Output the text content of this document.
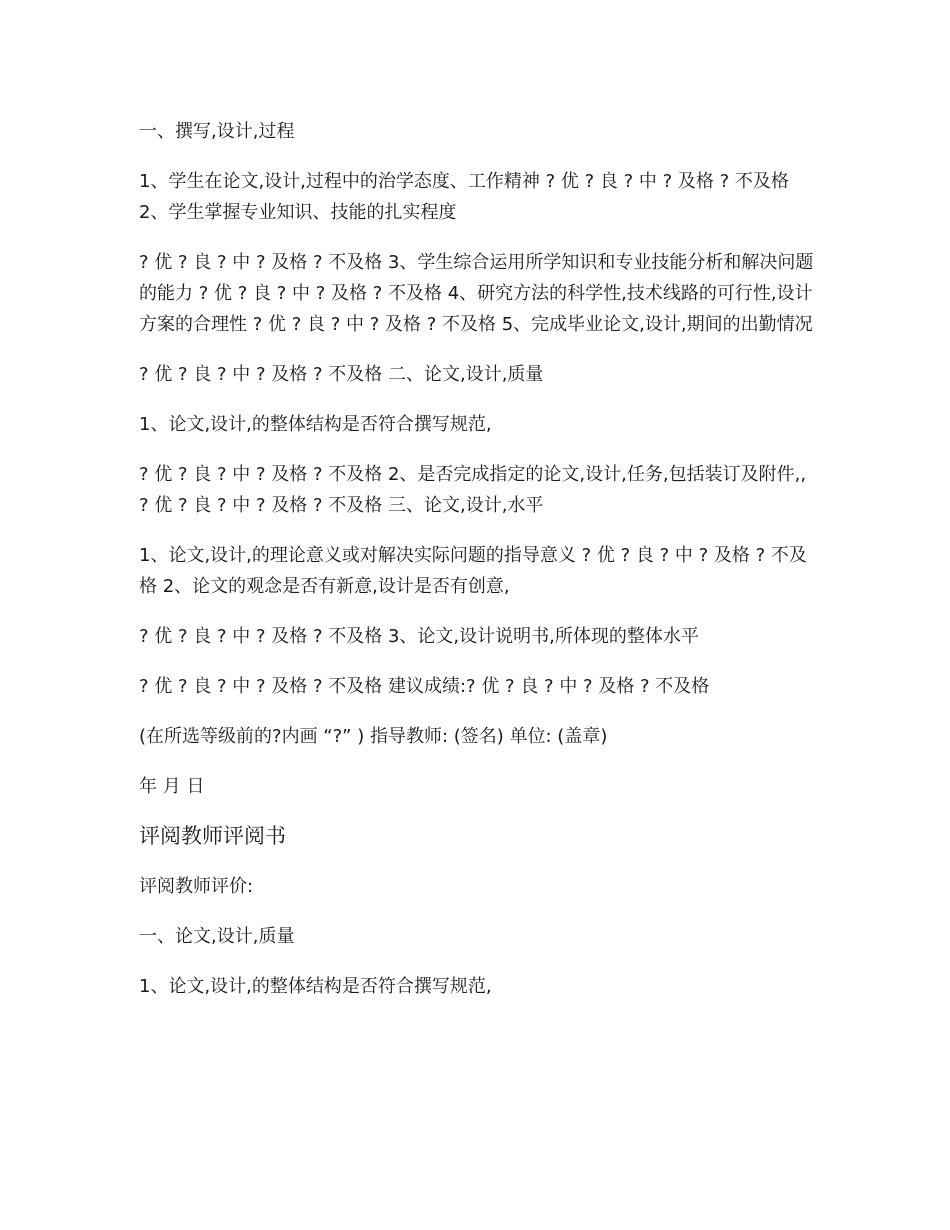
一、撰写,设计,过程

1、学生在论文,设计,过程中的治学态度、工作精神 ? 优 ? 良 ? 中 ? 及格 ? 不及格 2、学生掌握专业知识、技能的扎实程度

? 优 ? 良 ? 中 ? 及格 ? 不及格 3、学生综合运用所学知识和专业技能分析和解决问题的能力 ? 优 ? 良 ? 中 ? 及格 ? 不及格 4、研究方法的科学性,技术线路的可行性,设计方案的合理性 ? 优 ? 良 ? 中 ? 及格 ? 不及格 5、完成毕业论文,设计,期间的出勤情况

? 优 ? 良 ? 中 ? 及格 ? 不及格 二、论文,设计,质量

1、论文,设计,的整体结构是否符合撰写规范,

? 优 ? 良 ? 中 ? 及格 ? 不及格 2、是否完成指定的论文,设计,任务,包括装订及附件,, ? 优 ? 良 ? 中 ? 及格 ? 不及格 三、论文,设计,水平

1、论文,设计,的理论意义或对解决实际问题的指导意义 ? 优 ? 良 ? 中 ? 及格 ? 不及格 2、论文的观念是否有新意,设计是否有创意,

? 优 ? 良 ? 中 ? 及格 ? 不及格 3、论文,设计说明书,所体现的整体水平

? 优 ? 良 ? 中 ? 及格 ? 不及格 建议成绩:? 优 ? 良 ? 中 ? 及格 ? 不及格

(在所选等级前的?内画 “?” ) 指导教师: (签名) 单位: (盖章)

年 月 日

评阅教师评阅书

评阅教师评价:

一、论文,设计,质量

1、论文,设计,的整体结构是否符合撰写规范,
